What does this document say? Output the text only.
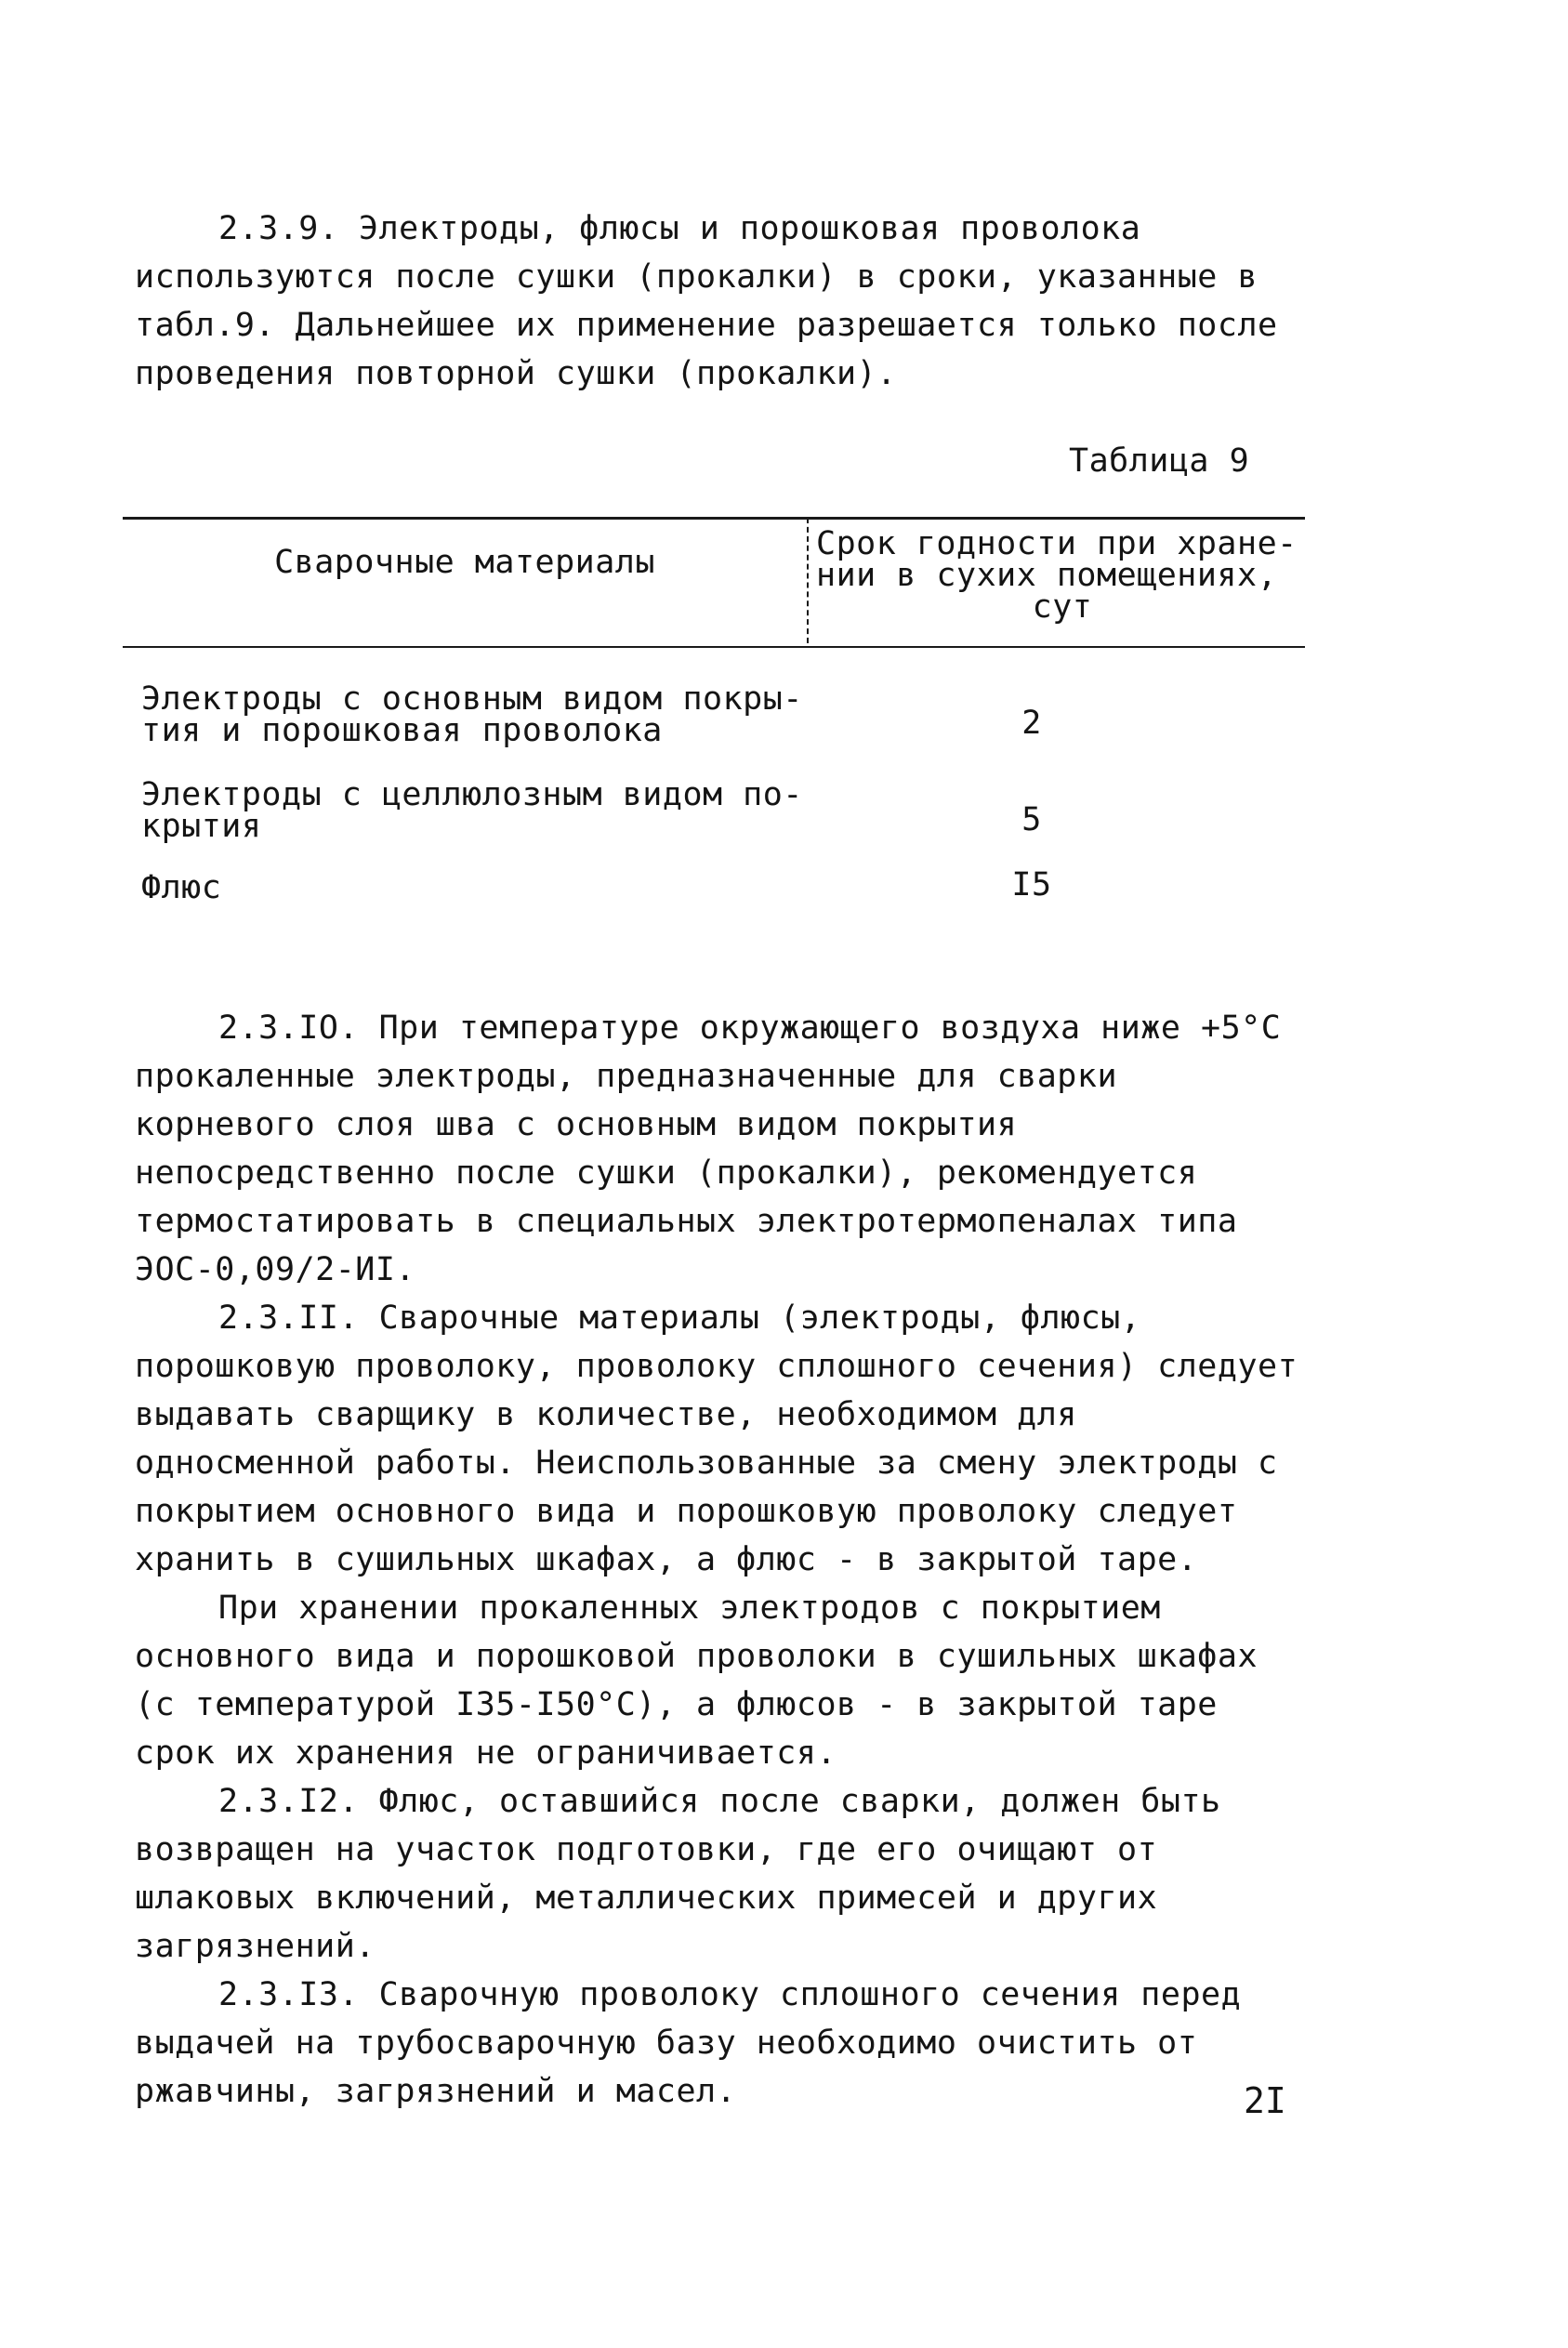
2.3.9. Электроды, флюсы и порошковая проволока используются после сушки (прокалки) в сроки, указанные в табл.9. Дальнейшее их применение разрешается только после проведения повторной сушки (прокалки).

Таблица 9
Сварочные материалы	Срок годности при хране-
нии в сухих помещениях,
сут
Электроды с основным видом покры-
тия и порошковая проволока	2
Электроды с целлюлозным видом по-
крытия	5
Флюс	I5

2.3.IO. При температуре окружающего воздуха ниже +5°С прокаленные электроды, предназначенные для сварки корневого слоя шва с основным видом покрытия непосредственно после сушки (прокалки), рекомендуется термостатировать в специальных электротермопеналах типа ЭОС-0,09/2-ИI.

2.3.II. Сварочные материалы (электроды, флюсы, порошковую проволоку, проволоку сплошного сечения) следует выдавать сварщику в количестве, необходимом для односменной работы. Неиспользованные за смену электроды с покрытием основного вида и порошковую проволоку следует хранить в сушильных шкафах, а флюс - в закрытой таре.

При хранении прокаленных электродов с покрытием основного вида и порошковой проволоки в сушильных шкафах (с температурой I35-I50°С), а флюсов - в закрытой таре срок их хранения не ограничивается.

2.3.I2. Флюс, оставшийся после сварки, должен быть возвращен на участок подготовки, где его очищают от шлаковых включений, металлических примесей и других загрязнений.

2.3.I3. Сварочную проволоку сплошного сечения перед выдачей на трубосварочную базу необходимо очистить от ржавчины, загрязнений и масел.	2I
